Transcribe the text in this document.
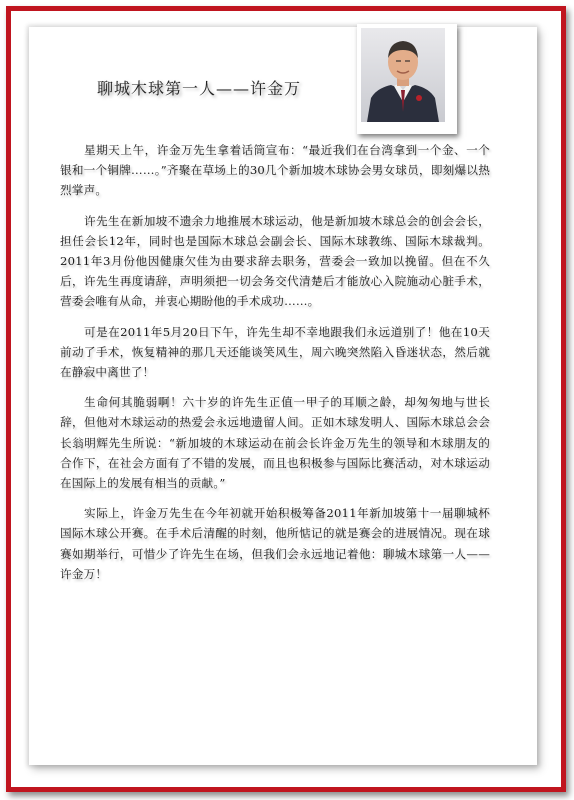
聊城木球第一人——许金万

星期天上午，许金万先生拿着话筒宣布：“最近我们在台湾拿到一个金、一个银和一个铜牌……。”齐聚在草场上的30几个新加坡木球协会男女球员，即刻爆以热烈掌声。

许先生在新加坡不遗余力地推展木球运动，他是新加坡木球总会的创会会长，担任会长12年，同时也是国际木球总会副会长、国际木球教练、国际木球裁判。2011年3月份他因健康欠佳为由要求辞去职务，营委会一致加以挽留。但在不久后，许先生再度请辞，声明须把一切会务交代清楚后才能放心入院施动心脏手术，营委会唯有从命，并衷心期盼他的手术成功……。

可是在2011年5月20日下午，许先生却不幸地跟我们永远道别了！他在10天前动了手术，恢复精神的那几天还能谈笑风生，周六晚突然陷入昏迷状态，然后就在静寂中离世了！

生命何其脆弱啊！六十岁的许先生正值一甲子的耳顺之龄，却匆匆地与世长辞，但他对木球运动的热爱会永远地遗留人间。正如木球发明人、国际木球总会会长翁明辉先生所说：“新加坡的木球运动在前会长许金万先生的领导和木球朋友的合作下，在社会方面有了不错的发展，而且也积极参与国际比赛活动，对木球运动在国际上的发展有相当的贡献。”

实际上，许金万先生在今年初就开始积极筹备2011年新加坡第十一届聊城杯国际木球公开赛。在手术后清醒的时刻，他所惦记的就是赛会的进展情况。现在球赛如期举行，可惜少了许先生在场，但我们会永远地记着他：聊城木球第一人——许金万！
